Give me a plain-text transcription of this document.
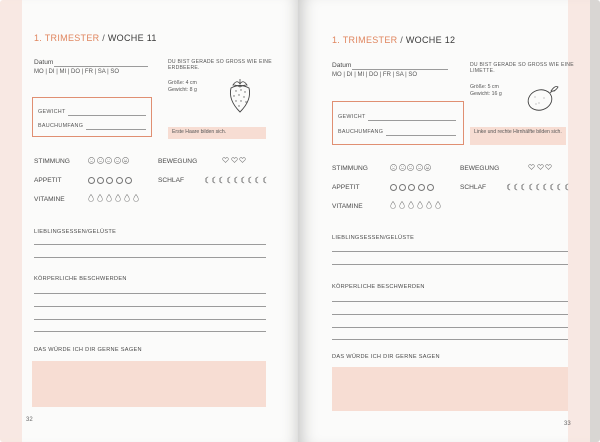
1. TRIMESTER / WOCHE 11
Datum
MO | DI | MI | DO | FR | SA | SO
DU BIST GERADE SO GROSS WIE EINE ERDBEERE.
Größe: 4 cm
Gewicht: 8 g
GEWICHT
BAUCHUMFANG
Erste Haare bilden sich.
STIMMUNG	BEWEGUNG
APPETIT	SCHLAF
VITAMINE
LIEBLINGSESSEN/GELÜSTE
KÖRPERLICHE BESCHWERDEN
DAS WÜRDE ICH DIR GERNE SAGEN
32
1. TRIMESTER / WOCHE 12
Datum
MO | DI | MI | DO | FR | SA | SO
DU BIST GERADE SO GROSS WIE EINE LIMETTE.
Größe: 5 cm
Gewicht: 16 g
GEWICHT
BAUCHUMFANG	Linke und rechte Hirnhälfte bilden sich.
STIMMUNG	BEWEGUNG
APPETIT	SCHLAF
VITAMINE
LIEBLINGSESSEN/GELÜSTE
KÖRPERLICHE BESCHWERDEN
DAS WÜRDE ICH DIR GERNE SAGEN
33
